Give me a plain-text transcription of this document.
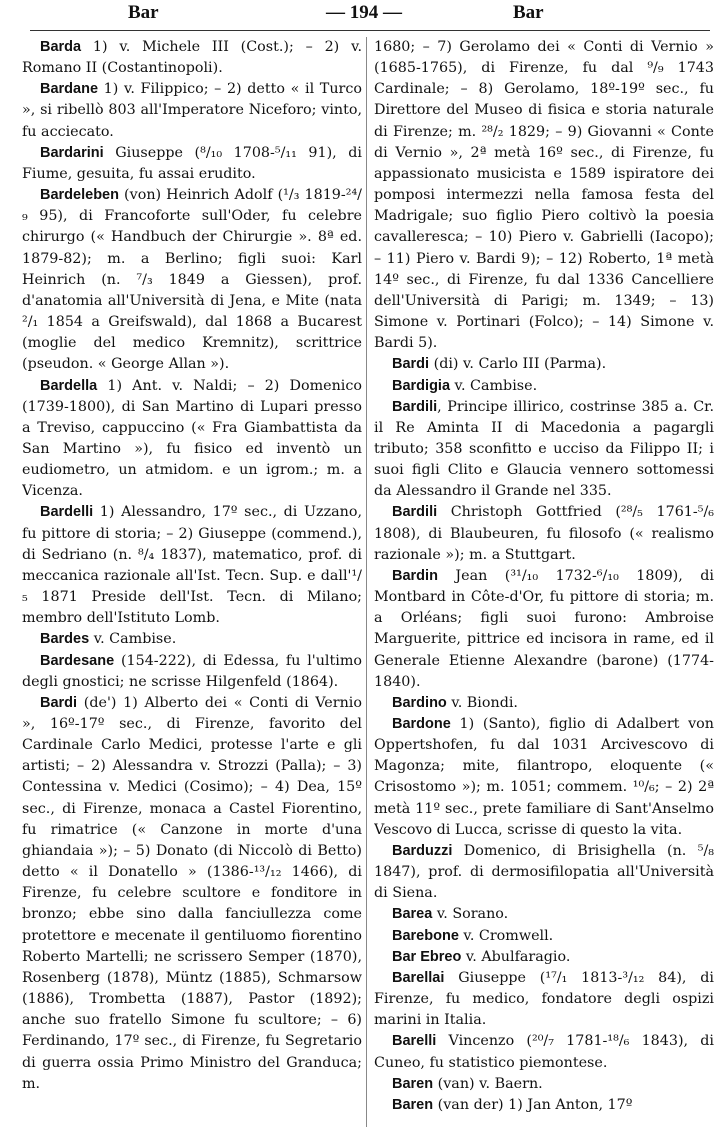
Bar	— 194 —	Bar

Barda 1) v. Michele III (Cost.); – 2) v. Romano II (Costantinopoli).

Bardane 1) v. Filippico; – 2) detto « il Turco », si ribellò 803 all'Imperatore Niceforo; vinto, fu acciecato.

Bardarini Giuseppe (⁸/₁₀ 1708-⁵/₁₁ 91), di Fiume, gesuita, fu assai erudito.

Bardeleben (von) Heinrich Adolf (¹/₃ 1819-²⁴/₉ 95), di Francoforte sull'Oder, fu celebre chirurgo (« Handbuch der Chirurgie ». 8ª ed. 1879-82); m. a Berlino; figli suoi: Karl Heinrich (n. ⁷/₃ 1849 a Giessen), prof. d'anatomia all'Università di Jena, e Mite (nata ²/₁ 1854 a Greifswald), dal 1868 a Bucarest (moglie del medico Kremnitz), scrittrice (pseudon. « George Allan »).

Bardella 1) Ant. v. Naldi; – 2) Domenico (1739-1800), di San Martino di Lupari presso a Treviso, cappuccino (« Fra Giambattista da San Martino »), fu fisico ed inventò un eudiometro, un atmidom. e un igrom.; m. a Vicenza.

Bardelli 1) Alessandro, 17º sec., di Uzzano, fu pittore di storia; – 2) Giuseppe (commend.), di Sedriano (n. ⁸/₄ 1837), matematico, prof. di meccanica razionale all'Ist. Tecn. Sup. e dall'¹/₅ 1871 Preside dell'Ist. Tecn. di Milano; membro dell'Istituto Lomb.

Bardes v. Cambise.

Bardesane (154-222), di Edessa, fu l'ultimo degli gnostici; ne scrisse Hilgenfeld (1864).

Bardi (de') 1) Alberto dei « Conti di Vernio », 16º-17º sec., di Firenze, favorito del Cardinale Carlo Medici, protesse l'arte e gli artisti; – 2) Alessandra v. Strozzi (Palla); – 3) Contessina v. Medici (Cosimo); – 4) Dea, 15º sec., di Firenze, monaca a Castel Fiorentino, fu rimatrice (« Canzone in morte d'una ghiandaia »); – 5) Donato (di Niccolò di Betto) detto « il Donatello » (1386-¹³/₁₂ 1466), di Firenze, fu celebre scultore e fonditore in bronzo; ebbe sino dalla fanciullezza come protettore e mecenate il gentiluomo fiorentino Roberto Martelli; ne scrissero Semper (1870), Rosenberg (1878), Müntz (1885), Schmarsow (1886), Trombetta (1887), Pastor (1892); anche suo fratello Simone fu scultore; – 6) Ferdinando, 17º sec., di Firenze, fu Segretario di guerra ossia Primo Ministro del Granduca; m.

1680; – 7) Gerolamo dei « Conti di Vernio » (1685-1765), di Firenze, fu dal ⁹/₉ 1743 Cardinale; – 8) Gerolamo, 18º-19º sec., fu Direttore del Museo di fisica e storia naturale di Firenze; m. ²⁸/₂ 1829; – 9) Giovanni « Conte di Vernio », 2ª metà 16º sec., di Firenze, fu appassionato musicista e 1589 ispiratore dei pomposi intermezzi nella famosa festa del Madrigale; suo figlio Piero coltivò la poesia cavalleresca; – 10) Piero v. Gabrielli (Iacopo); – 11) Piero v. Bardi 9); – 12) Roberto, 1ª metà 14º sec., di Firenze, fu dal 1336 Cancelliere dell'Università di Parigi; m. 1349; – 13) Simone v. Portinari (Folco); – 14) Simone v. Bardi 5).

Bardi (di) v. Carlo III (Parma).

Bardigia v. Cambise.

Bardili, Principe illirico, costrinse 385 a. Cr. il Re Aminta II di Macedonia a pagargli tributo; 358 sconfitto e ucciso da Filippo II; i suoi figli Clito e Glaucia vennero sottomessi da Alessandro il Grande nel 335.

Bardili Christoph Gottfried (²⁸/₅ 1761-⁵/₆ 1808), di Blaubeuren, fu filosofo (« realismo razionale »); m. a Stuttgart.

Bardin Jean (³¹/₁₀ 1732-⁶/₁₀ 1809), di Montbard in Côte-d'Or, fu pittore di storia; m. a Orléans; figli suoi furono: Ambroise Marguerite, pittrice ed incisora in rame, ed il Generale Etienne Alexandre (barone) (1774-1840).

Bardino v. Biondi.

Bardone 1) (Santo), figlio di Adalbert von Oppertshofen, fu dal 1031 Arcivescovo di Magonza; mite, filantropo, eloquente (« Crisostomo »); m. 1051; commem. ¹⁰/₆; – 2) 2ª metà 11º sec., prete familiare di Sant'Anselmo Vescovo di Lucca, scrisse di questo la vita.

Barduzzi Domenico, di Brisighella (n. ⁵/₈ 1847), prof. di dermosifilopatia all'Università di Siena.

Barea v. Sorano.

Barebone v. Cromwell.

Bar Ebreo v. Abulfaragio.

Barellai Giuseppe (¹⁷/₁ 1813-³/₁₂ 84), di Firenze, fu medico, fondatore degli ospizi marini in Italia.

Barelli Vincenzo (²⁰/₇ 1781-¹⁸/₆ 1843), di Cuneo, fu statistico piemontese.

Baren (van) v. Baern.

Baren (van der) 1) Jan Anton, 17º
